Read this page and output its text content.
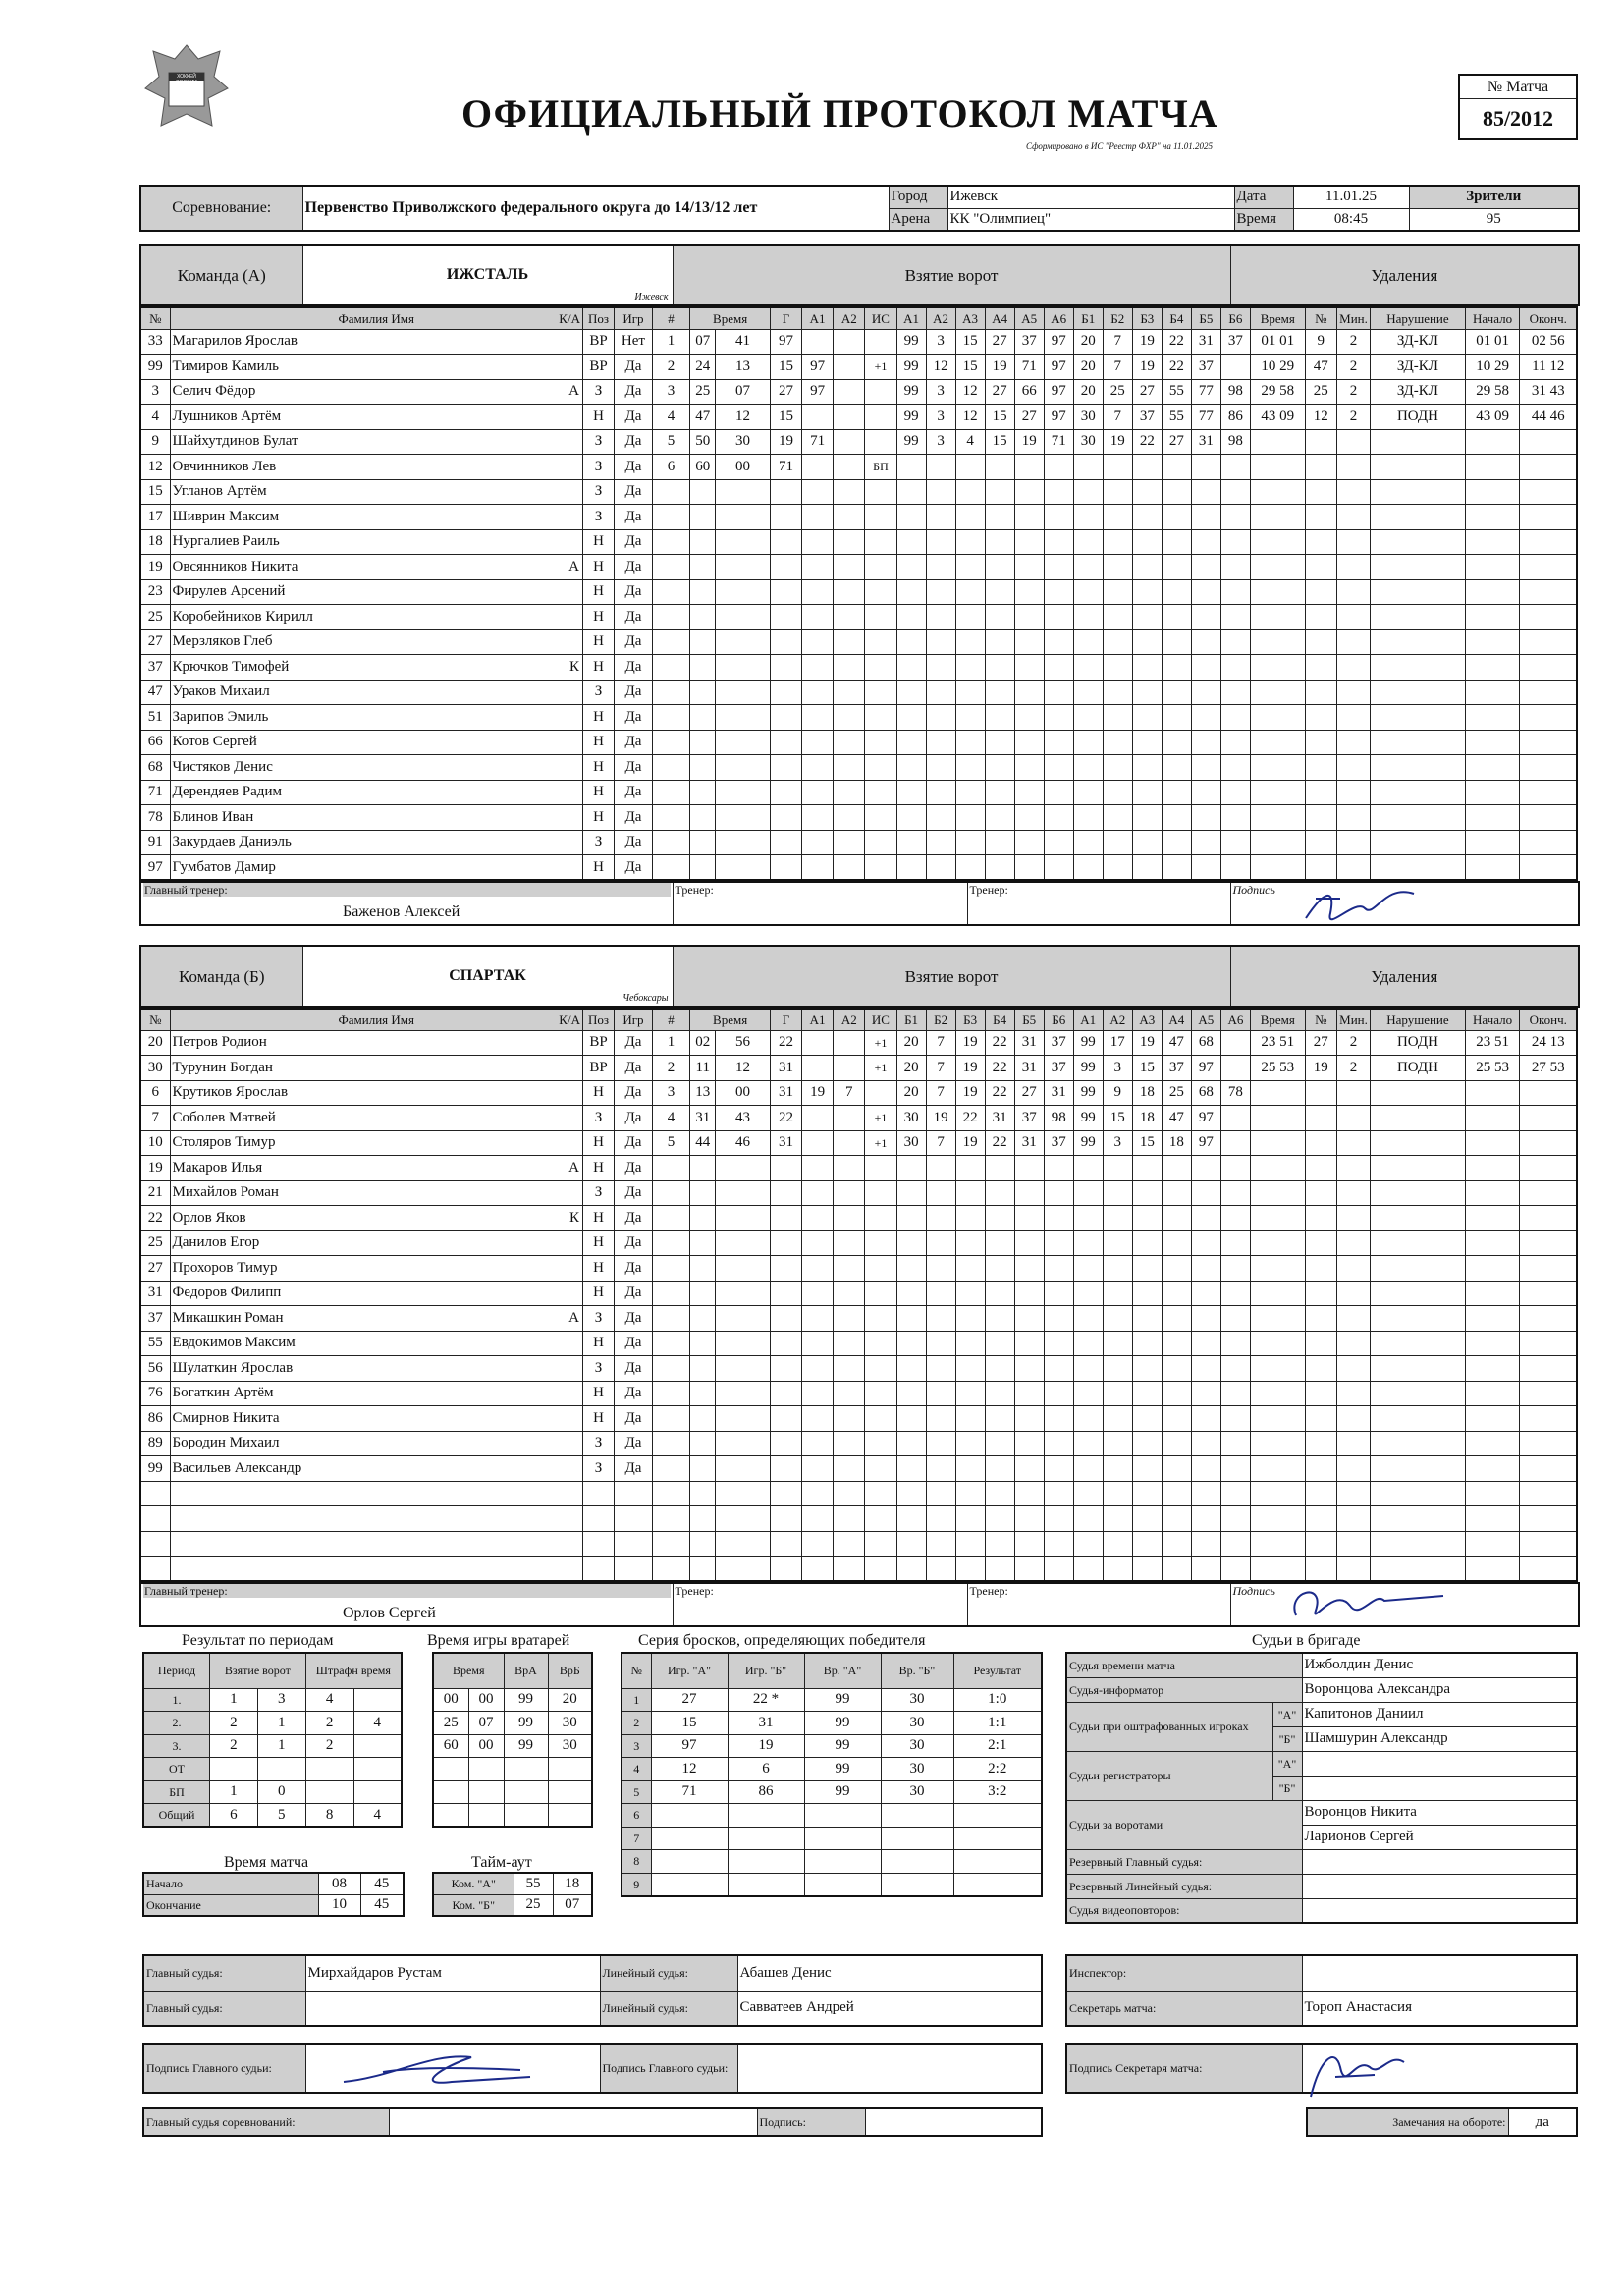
ХОККЕЙ РОССИИ
ОФИЦИАЛЬНЫЙ ПРОТОКОЛ МАТЧА
Сформировано в ИС "Реестр ФХР" на 11.01.2025
№ Матча
85/2012
Соревнование:	Первенство Приволжского федерального округа до 14/13/12 лет	Город	Ижевск	Дата	11.01.25	Зрители
		Арена	КК "Олимпиец"	Время	08:45	95
Команда (А)	ИЖСТАЛЬ
Ижевск
	Взятие ворот	Удаления
№	Фамилия Имя К/А	Поз	Игр	#	Время		Г	А1	А2	ИС	А1	А2	А3	А4	А5	А6	Б1	Б2	Б3	Б4	Б5	Б6	Время	№	Мин.	Нарушение	Начало	Оконч.
33	Магарилов Ярослав	ВР	Нет	1	07	41	97				99	3	15	27	37	97	20	7	19	22	31	37	01 01	9	2	ЗД-КЛ	01 01	02 56
99	Тимиров Камиль	ВР	Да	2	24	13	15	97		+1	99	12	15	19	71	97	20	7	19	22	37		10 29	47	2	ЗД-КЛ	10 29	11 12
3	Селич Фёдор А	З	Да	3	25	07	27	97			99	3	12	27	66	97	20	25	27	55	77	98	29 58	25	2	ЗД-КЛ	29 58	31 43
4	Лушников Артём	Н	Да	4	47	12	15				99	3	12	15	27	97	30	7	37	55	77	86	43 09	12	2	ПОДН	43 09	44 46
9	Шайхутдинов Булат	З	Да	5	50	30	19	71			99	3	4	15	19	71	30	19	22	27	31	98						
12	Овчинников Лев	З	Да	6	60	00	71			БП																		
15	Угланов Артём	З	Да																									
17	Шиврин Максим	З	Да																									
18	Нургалиев Раиль	Н	Да																									
19	Овсянников Никита А	Н	Да																									
23	Фирулев Арсений	Н	Да																									
25	Коробейников Кирилл	Н	Да																									
27	Мерзляков Глеб	Н	Да																									
37	Крючков Тимофей К	Н	Да																									
47	Ураков Михаил	З	Да																									
51	Зарипов Эмиль	Н	Да																									
66	Котов Сергей	Н	Да																									
68	Чистяков Денис	Н	Да																									
71	Дерендяев Радим	Н	Да																									
78	Блинов Иван	Н	Да																									
91	Закурдаев Даниэль	З	Да																									
97	Гумбатов Дамир	Н	Да																									
Главный тренер:
Баженов Алексей
	Тренер:	Тренер:	Подпись
Команда (Б)	СПАРТАК
Чебоксары
	Взятие ворот	Удаления
№	Фамилия Имя К/А	Поз	Игр	#	Время		Г	А1	А2	ИС	Б1	Б2	Б3	Б4	Б5	Б6	А1	А2	А3	А4	А5	А6	Время	№	Мин.	Нарушение	Начало	Оконч.
20	Петров Родион	ВР	Да	1	02	56	22			+1	20	7	19	22	31	37	99	17	19	47	68		23 51	27	2	ПОДН	23 51	24 13
30	Турунин Богдан	ВР	Да	2	11	12	31			+1	20	7	19	22	31	37	99	3	15	37	97		25 53	19	2	ПОДН	25 53	27 53
6	Крутиков Ярослав	Н	Да	3	13	00	31	19	7		20	7	19	22	27	31	99	9	18	25	68	78						
7	Соболев Матвей	З	Да	4	31	43	22			+1	30	19	22	31	37	98	99	15	18	47	97							
10	Столяров Тимур	Н	Да	5	44	46	31			+1	30	7	19	22	31	37	99	3	15	18	97							
19	Макаров Илья А	Н	Да																									
21	Михайлов Роман	З	Да																									
22	Орлов Яков К	Н	Да																									
25	Данилов Егор	Н	Да																									
27	Прохоров Тимур	Н	Да																									
31	Федоров Филипп	Н	Да																									
37	Микашкин Роман А	З	Да																									
55	Евдокимов Максим	Н	Да																									
56	Шулаткин Ярослав	З	Да																									
76	Богаткин Артём	Н	Да																									
86	Смирнов Никита	Н	Да																									
89	Бородин Михаил	З	Да																									
99	Васильев Александр	З	Да																									

Главный тренер:
Орлов Сергей
	Тренер:	Тренер:	Подпись
Результат по периодам
Период	Взятие ворот		Штрафн время	
1.	1	3	4	
2.	2	1	2	4
3.	2	1	2	
ОТ				
БП	1	0		
Общий	6	5	8	4
Время игры вратарей
Время		ВрА	ВрБ
00	00	99	20
25	07	99	30
60	00	99	30

Время матча
Начало	08	45
Окончание	10	45
Тайм-аут
Ком. "А"	55	18
Ком. "Б"	25	07
Серия бросков, определяющих победителя
№	Игр. "А"	Игр. "Б"	Вр. "А"	Вр. "Б"	Результат
1	27	22 *	99	30	1:0
2	15	31	99	30	1:1
3	97	19	99	30	2:1
4	12	6	99	30	2:2
5	71	86	99	30	3:2
6					
7					
8					
9					
Судьи в бригаде
Судья времени матча		Ижболдин Денис
Судья-информатор		Воронцова Александра
Судьи при оштрафованных игроках	"А"	Капитонов Даниил
	"Б"	Шамшурин Александр
Судьи регистраторы	"А"	
	"Б"	
Судьи за воротами		Воронцов Никита
		Ларионов Сергей
Резервный Главный судья:		
Резервный Линейный судья:		
Судья видеоповторов:		
Главный судья:	Мирхайдаров Рустам	Линейный судья:	Абашев Денис
Главный судья:		Линейный судья:	Савватеев Андрей
Инспектор:	
Секретарь матча:	Тороп Анастасия
Подпись Главного судьи:		Подпись Главного судьи:		Подпись Секретаря матча:	
Главный судья соревнований:		Подпись:		Замечания на обороте:	да
